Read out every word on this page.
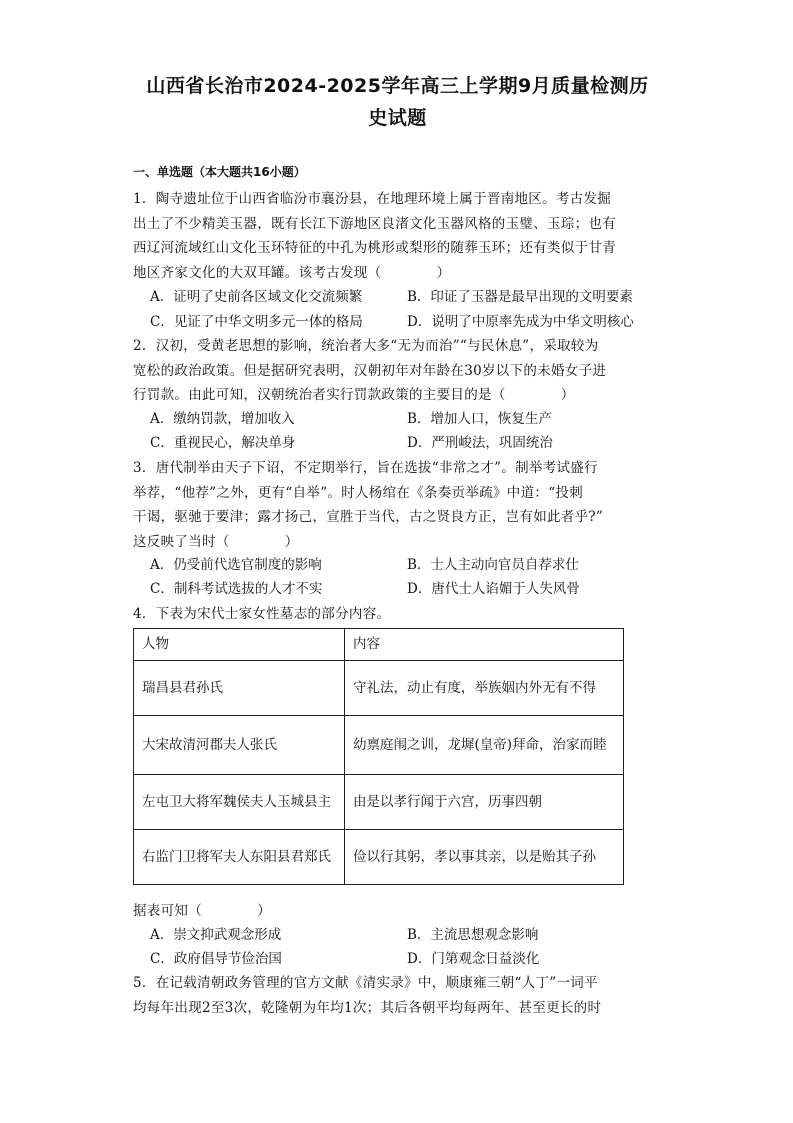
山西省长治市2024-2025学年高三上学期9月质量检测历
史试题
一、单选题（本大题共16小题）
1．陶寺遗址位于山西省临汾市襄汾县，在地理环境上属于晋南地区。考古发掘
出土了不少精美玉器，既有长江下游地区良渚文化玉器风格的玉璧、玉琮；也有
西辽河流域红山文化玉环特征的中孔为桃形或梨形的随葬玉环；还有类似于甘青
地区齐家文化的大双耳罐。该考古发现（　　　　）
A．证明了史前各区域文化交流频繁	B．印证了玉器是最早出现的文明要素
C．见证了中华文明多元一体的格局	D．说明了中原率先成为中华文明核心
2．汉初，受黄老思想的影响，统治者大多“无为而治”“与民休息”，采取较为
宽松的政治政策。但是据研究表明，汉朝初年对年龄在30岁以下的未婚女子进
行罚款。由此可知，汉朝统治者实行罚款政策的主要目的是（　　　　）
A．缴纳罚款，增加收入	B．增加人口，恢复生产
C．重视民心，解决单身	D．严刑峻法，巩固统治
3．唐代制举由天子下诏，不定期举行，旨在选拔“非常之才”。制举考试盛行
举荐，“他荐”之外，更有“自举”。时人杨绾在《条奏贡举疏》中道：“投刺
干谒，驱驰于要津；露才扬己，宣胜于当代，古之贤良方正，岂有如此者乎?”
这反映了当时（　　　　）
A．仍受前代选官制度的影响	B．士人主动向官员自荐求仕
C．制科考试选拔的人才不实	D．唐代士人谄媚于人失风骨
4．下表为宋代士家女性墓志的部分内容。
人物	内容
瑞昌县君孙氏	守礼法，动止有度，举族姻内外无有不得
大宋故清河郡夫人张氏	幼禀庭闱之训，龙墀(皇帝)拜命，治家而睦
左屯卫大将军魏侯夫人玉城县主	由是以孝行闻于六宫，历事四朝
右监门卫将军夫人东阳县君郑氏	俭以行其躬，孝以事其亲，以是贻其子孙
据表可知（　　　　）
A．崇文抑武观念形成	B．主流思想观念影响
C．政府倡导节俭治国	D．门第观念日益淡化
5．在记载清朝政务管理的官方文献《清实录》中，顺康雍三朝“人丁”一词平
均每年出现2至3次，乾隆朝为年均1次；其后各朝平均每两年、甚至更长的时
